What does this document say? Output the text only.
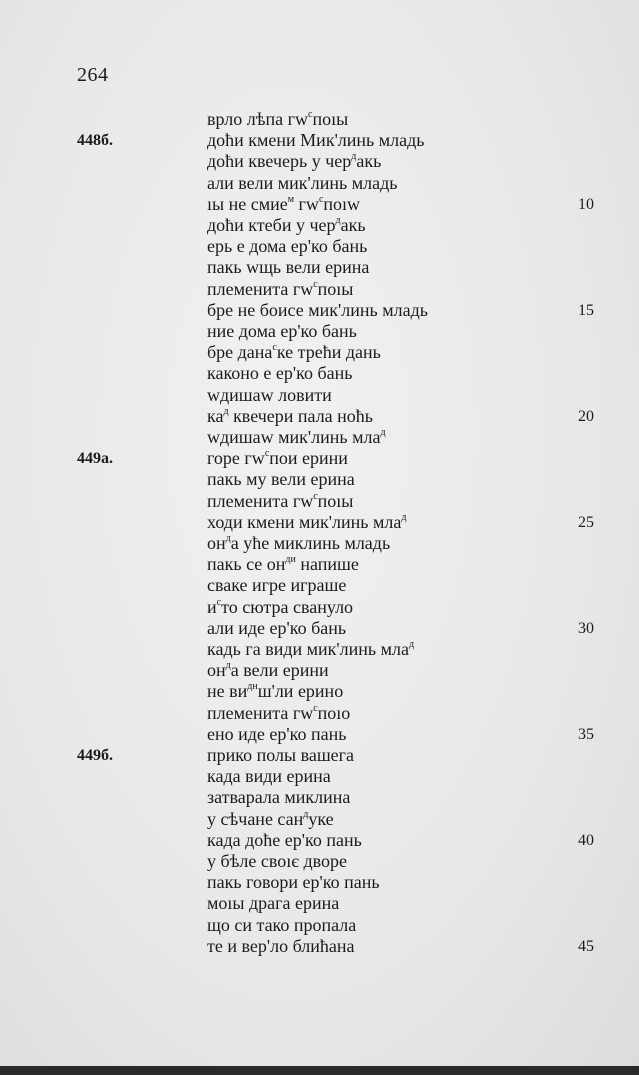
264
врло лѣпа $гw^споıы$
доћи кмени Мик'линь младь
доћи квечерь у чер$^д$акь
али вели мик'линь младь
ıы не смие$^м$ $гw^споıw$
доћи ктеби у чер$^д$акь
ерь е дома ер'ко бань
пакь wщь вели ерина
племенита $гw^споıы$
бре не боисе мик'линь младь
ние дома ер'ко бань
бре дана$^с$ке трећи дань
каконо е ер'ко бань
wдишаw ловити
$ка^д$ квечери пала нoћь
wдишаw мик'линь мла$^д$
горе $гw^спои$ ерини
пакь му вели ерина
племенита $гw^споıы$
ходи кмени мик'линь мла$^д$
$он^да$ уће миклинь младь
пакь се $он^{ди}$ напише
сваке игре играше
$и^сто$ сютра свануло
али иде ер'ко бань
кадь га види мик'линь мла$^д$
$он^да$ вели ерини
не $ви^{дн}ш'ли$ ерино
племенита $гw^споıo$
ено иде ер'ко пань
прико полы вашега
када види ерина
затварала миклина
у сѣчане сан$^д$уке
када доће ер'ко пань
у бѣле своıє дворе
пакь говори ер'ко пань
моıы драга ерина
що си тако пропала
те и вер'ло блићана
448б.
449a.
449б.
10
15
20
25
30
35
40
45
